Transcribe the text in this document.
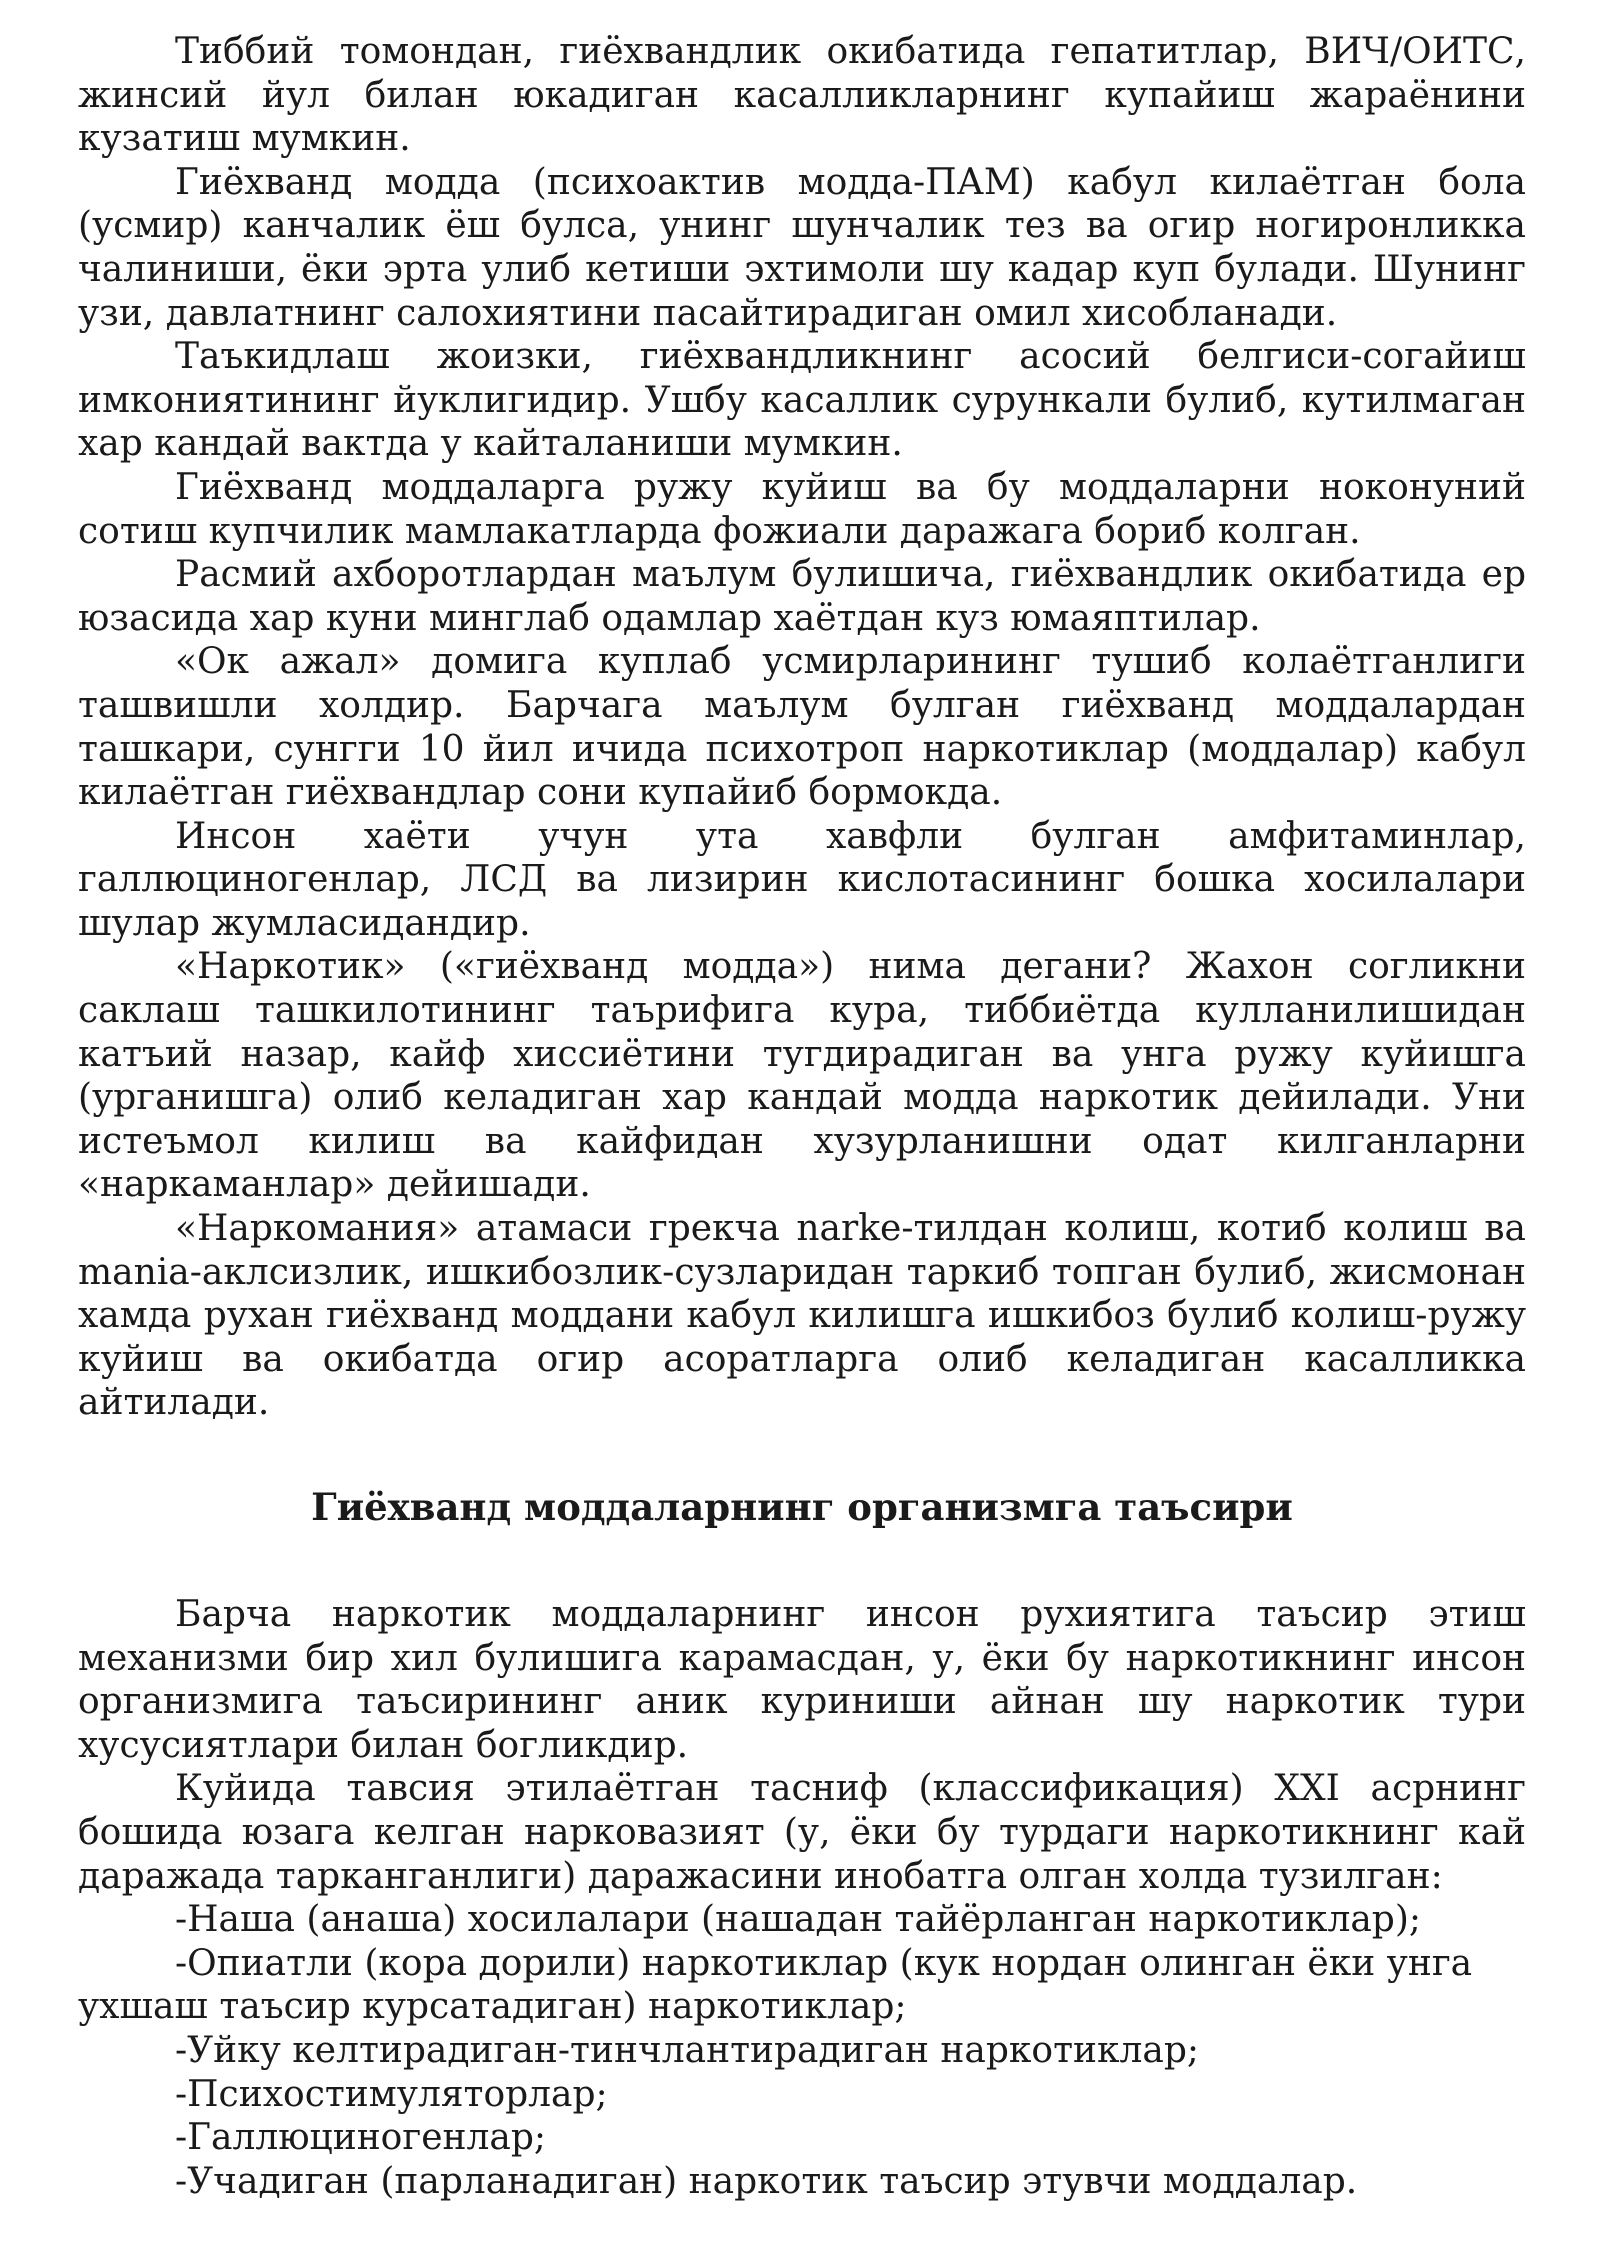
Тиббий томондан, гиёхвандлик окибатида гепатитлар, ВИЧ/ОИТС, жинсий йул билан юкадиган касалликларнинг купайиш жараёнини кузатиш мумкин.

Гиёхванд модда (психоактив модда-ПАМ) кабул килаётган бола (усмир) канчалик ёш булса, унинг шунчалик тез ва огир ногиронликка чалиниши, ёки эрта улиб кетиши эхтимоли шу кадар куп булади. Шунинг узи, давлатнинг салохиятини пасайтирадиган омил хисобланади.

Таъкидлаш жоизки, гиёхвандликнинг асосий белгиси-согайиш имкониятининг йуклигидир. Ушбу касаллик сурункали булиб, кутилмаган хар кандай вактда у кайталаниши мумкин.

Гиёхванд моддаларга ружу куйиш ва бу моддаларни ноконуний сотиш купчилик мамлакатларда фожиали даражага бориб колган.

Расмий ахборотлардан маълум булишича, гиёхвандлик окибатида ер юзасида хар куни минглаб одамлар хаётдан куз юмаяптилар.

«Ок ажал» домига куплаб усмирларининг тушиб колаётганлиги ташвишли холдир. Барчага маълум булган гиёхванд моддалардан ташкари, сунгги 10 йил ичида психотроп наркотиклар (моддалар) кабул килаётган гиёхвандлар сони купайиб бормокда.

Инсон хаёти учун ута хавфли булган амфитаминлар, галлюциногенлар, ЛСД ва лизирин кислотасининг бошка хосилалари шулар жумласидандир.

«Наркотик» («гиёхванд модда») нима дегани? Жахон согликни саклаш ташкилотининг таърифига кура, тиббиётда кулланилишидан катъий назар, кайф хиссиётини тугдирадиган ва унга ружу куйишга (урганишга) олиб келадиган хар кандай модда наркотик дейилади. Уни истеъмол килиш ва кайфидан хузурланишни одат килганларни «наркаманлар» дейишади.

«Наркомания» атамаси грекча narke-тилдан колиш, котиб колиш ва mania-аклсизлик, ишкибозлик-сузларидан таркиб топган булиб, жисмонан хамда рухан гиёхванд моддани кабул килишга ишкибоз булиб колиш-ружу куйиш ва окибатда огир асоратларга олиб келадиган касалликка айтилади.

Гиёхванд моддаларнинг организмга таъсири

Барча наркотик моддаларнинг инсон рухиятига таъсир этиш механизми бир хил булишига карамасдан, у, ёки бу наркотикнинг инсон организмига таъсирининг аник куриниши айнан шу наркотик тури хусусиятлари билан богликдир.

Куйида тавсия этилаётган тасниф (классификация) XXI асрнинг бошида юзага келган нарковазият (у, ёки бу турдаги наркотикнинг кай даражада тарканганлиги) даражасини инобатга олган холда тузилган:

-Наша (анаша) хосилалари (нашадан тайёрланган наркотиклар);

-Опиатли (кора дорили) наркотиклар (кук нордан олинган ёки унга ухшаш таъсир курсатадиган) наркотиклар;

-Уйку келтирадиган-тинчлантирадиган наркотиклар;

-Психостимуляторлар;

-Галлюциногенлар;

-Учадиган (парланадиган) наркотик таъсир этувчи моддалар.
